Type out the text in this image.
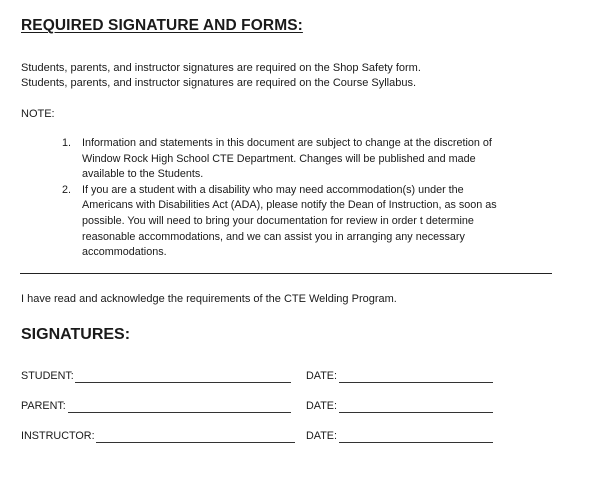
REQUIRED SIGNATURE AND FORMS:
Students, parents, and instructor signatures are required on the Shop Safety form.
Students, parents, and instructor signatures are required on the Course Syllabus.
NOTE:
1. Information and statements in this document are subject to change at the discretion of
Window Rock High School CTE Department. Changes will be published and made
available to the Students.
2. If you are a student with a disability who may need accommodation(s) under the
Americans with Disabilities Act (ADA), please notify the Dean of Instruction, as soon as
possible. You will need to bring your documentation for review in order t determine
reasonable accommodations, and we can assist you in arranging any necessary
accommodations.
I have read and acknowledge the requirements of the CTE Welding Program.
SIGNATURES:
STUDENT:	DATE:
PARENT:	DATE:
INSTRUCTOR:	DATE:
